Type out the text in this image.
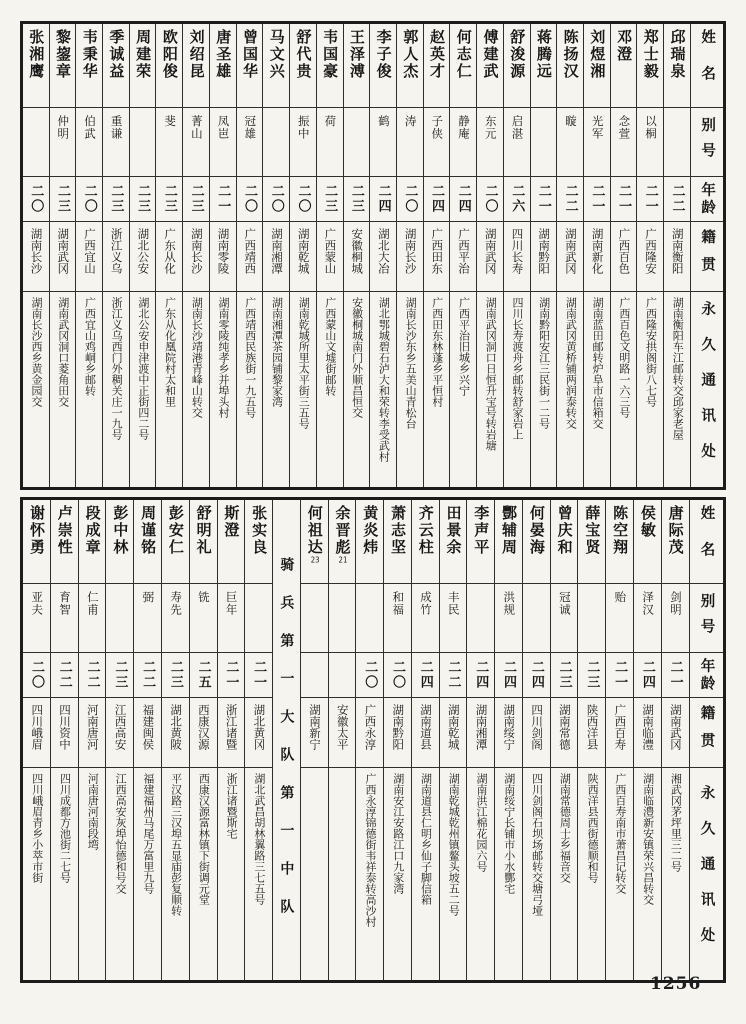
姓名
别号
年龄
籍贯
永久通讯处
邱瑞泉
二二
湖南衡阳
湖南衡阳车江邮转交邱家老屋
郑士毅
以桐
二一
广西隆安
广西隆安拱阁街八七号
邓澄
念萱
二一
广西百色
广西百色文明路一六三号
刘煜湘
光军
二一
湖南新化
湖南蓝田邮转炉阜市信箱交
陈扬汉
暶
二二
湖南武冈
湖南武冈黄桥铺两润泰转交
蒋腾远
二一
湖南黔阳
湖南黔阳安江三民街一二号
舒浚源
启湛
二六
四川长寿
四川长寿渡舟乡邮转舒家岩上
傅建武
东元
二〇
湖南武冈
湖南武冈洞口日恒升宝号转岩塘
何志仁
静庵
二四
广西平治
广西平治旧城乡兴宁
赵英才
子侠
二四
广西田东
广西田东林蓬乡平恒村
郭人杰
涛
二〇
湖南长沙
湖南长沙东乡五美山青松台
李子俊
鹤
二四
湖北大冶
湖北鄂城碧石泸大和荣转李受武村
王泽溥
二三
安徽桐城
安徽桐城南门外顺昌恒交
韦国豪
荷
二三
广西蒙山
广西蒙山文墟街邮转
舒代贵
振中
二〇
湖南乾城
湖南乾城所里太平街三五号
马文兴
二〇
湖南湘潭
湖南湘潭茶园铺黎家湾
曾国华
冠雄
二〇
广西靖西
广西靖西民族街一九五号
唐圣雄
凤岜
二一
湖南零陵
湖南零陵纯孝乡并埠头村
刘绍昆
菁山
二三
湖南长沙
湖南长沙靖港青峰山转交
欧阳俊
斐
二三
广东从化
广东从化凰院村太和里
周建荣
二三
湖北公安
湖北公安申津渡中正街四二号
季诚益
重谦
二三
浙江义乌
浙江义乌西门外稠关庄一九号
韦秉华
伯武
二〇
广西宜山
广西宜山鸡峒乡邮转
黎鋆章
仲明
二三
湖南武冈
湖南武冈洞口菱角田交
张湘鹰
二〇
湖南长沙
湖南长沙西乡黄金园交
姓名
别号
年龄
籍贯
永久通讯处
唐际茂
剑明
二一
湖南武冈
湘武冈茅坪里三二号
侯敏
泽汉
二四
湖南临澧
湖南临澧新安镇荣兴昌转交
陈空翔
贻
二一
广西百寿
广西百寿南市萧昌记转交
薛宝贤
二三
陕西洋县
陕西洋县西街德顺和号
曾庆和
冠诚
二三
湖南常德
湖南常德周士乡福音交
何晏海
二四
四川剑阁
四川剑阁石坝场邮转交塘弓垭
酆辅周
洪规
二四
湖南绥宁
湖南绥宁长铺市小水酆宅
李声平
二四
湖南湘潭
湖南洪江棉花园六号
田景余
丰民
二二
湖南乾城
湖南乾城乾州镇鳌头坡五二号
齐云柱
成竹
二四
湖南道县
湖南道县仁明乡仙子脚信箱
萧志坚
和福
二〇
湖南黔阳
湖南安江安路江口九家湾
黄炎炜
二〇
广西永淳
广西永淳锦德街韦祥泰转高沙村
余晋彪21
安徽太平
何祖达23
湖南新宁
骑兵第一大队第一中队
张实良
二一
湖北黄冈
湖北武昌胡林翼路三七五号
斯澄
巨年
二一
浙江诸暨
浙江诸暨斯宅
舒明礼
铣
二五
西康汉源
西康汉源富林镇下街调元堂
彭安仁
寿先
二三
湖北黄陂
平汉路三汉埠五显庙彭复顺转
周谨铭
弼
二二
福建闽侯
福建福州马尾万富里九号
彭中林
二三
江西高安
江西高安灰埠怡德和号交
段成章
仁甫
二二
河南唐河
河南唐河南段塆
卢崇性
育智
二二
四川资中
四川成都方池街二七号
谢怀勇
亚夫
二〇
四川峨眉
四川峨眉青乡小萃市街
1256
